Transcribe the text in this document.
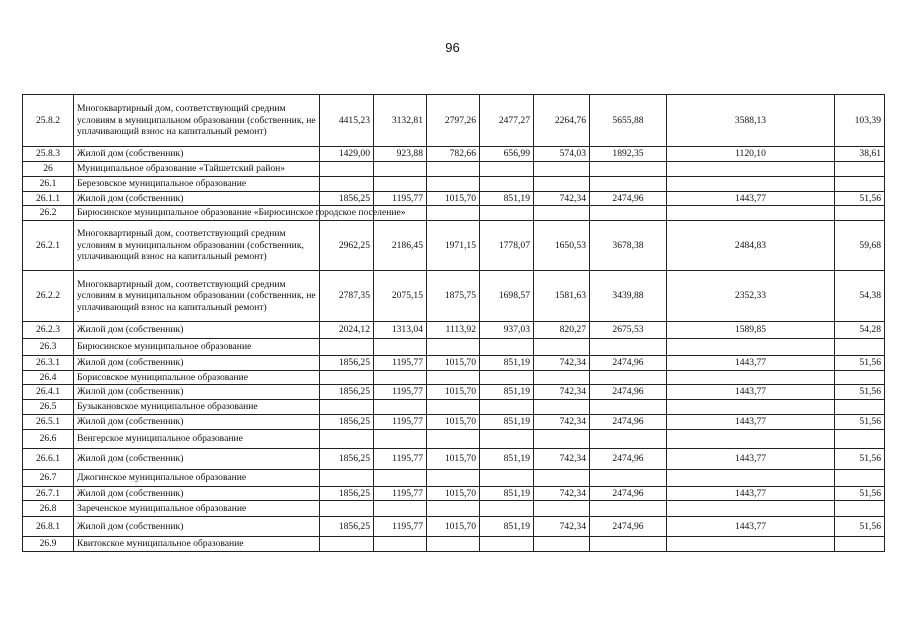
96
25.8.2	Многоквартирный дом, соответствующий средним условиям в муниципальном образовании (собственник, не уплачивающий взнос на капитальный ремонт)	4415,23	3132,81	2797,26	2477,27	2264,76	5655,88	3588,13	103,39
25.8.3	Жилой дом (собственник)	1429,00	923,88	782,66	656,99	574,03	1892,35	1120,10	38,61
26	Муниципальное образование «Тайшетский район»								
26.1	Березовское муниципальное образование								
26.1.1	Жилой дом (собственник)	1856,25	1195,77	1015,70	851,19	742,34	2474,96	1443,77	51,56
26.2	Бирюсинское муниципальное образование «Бирюсинское городское поселение»								
26.2.1	Многоквартирный дом, соответствующий средним условиям в муниципальном образовании (собственник, уплачивающий взнос на капитальный ремонт)	2962,25	2186,45	1971,15	1778,07	1650,53	3678,38	2484,83	59,68
26.2.2	Многоквартирный дом, соответствующий средним условиям в муниципальном образовании (собственник, не уплачивающий взнос на капитальный ремонт)	2787,35	2075,15	1875,75	1698,57	1581,63	3439,88	2352,33	54,38
26.2.3	Жилой дом (собственник)	2024,12	1313,04	1113,92	937,03	820,27	2675,53	1589,85	54,28
26.3	Бирюсинское муниципальное образование								
26.3.1	Жилой дом (собственник)	1856,25	1195,77	1015,70	851,19	742,34	2474,96	1443,77	51,56
26.4	Борисовское муниципальное образование								
26.4.1	Жилой дом (собственник)	1856,25	1195,77	1015,70	851,19	742,34	2474,96	1443,77	51,56
26.5	Бузыкановское муниципальное образование								
26.5.1	Жилой дом (собственник)	1856,25	1195,77	1015,70	851,19	742,34	2474,96	1443,77	51,56
26.6	Венгерское муниципальное образование								
26.6.1	Жилой дом (собственник)	1856,25	1195,77	1015,70	851,19	742,34	2474,96	1443,77	51,56
26.7	Джогинское муниципальное образование								
26.7.1	Жилой дом (собственник)	1856,25	1195,77	1015,70	851,19	742,34	2474,96	1443,77	51,56
26.8	Зареченское муниципальное образование								
26.8.1	Жилой дом (собственник)	1856,25	1195,77	1015,70	851,19	742,34	2474,96	1443,77	51,56
26.9	Квитокское муниципальное образование								
